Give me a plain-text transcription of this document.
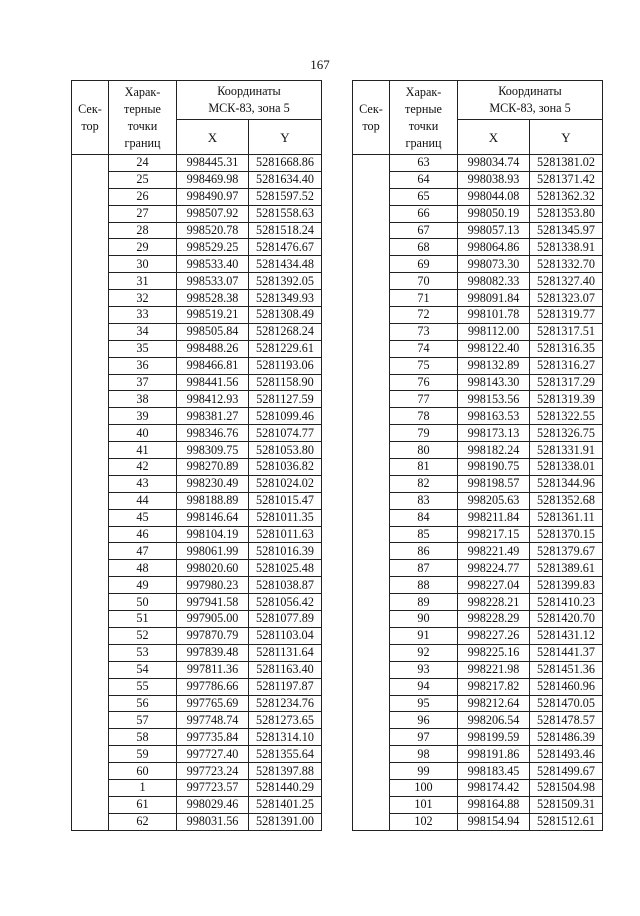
167
Сек-
тор	Харак-
терные
точки
границ	Координаты
МСК-83, зона 5	
		X	Y
	24	998445.31	5281668.86
	25	998469.98	5281634.40
	26	998490.97	5281597.52
	27	998507.92	5281558.63
	28	998520.78	5281518.24
	29	998529.25	5281476.67
	30	998533.40	5281434.48
	31	998533.07	5281392.05
	32	998528.38	5281349.93
	33	998519.21	5281308.49
	34	998505.84	5281268.24
	35	998488.26	5281229.61
	36	998466.81	5281193.06
	37	998441.56	5281158.90
	38	998412.93	5281127.59
	39	998381.27	5281099.46
	40	998346.76	5281074.77
	41	998309.75	5281053.80
	42	998270.89	5281036.82
	43	998230.49	5281024.02
	44	998188.89	5281015.47
	45	998146.64	5281011.35
	46	998104.19	5281011.63
	47	998061.99	5281016.39
	48	998020.60	5281025.48
	49	997980.23	5281038.87
	50	997941.58	5281056.42
	51	997905.00	5281077.89
	52	997870.79	5281103.04
	53	997839.48	5281131.64
	54	997811.36	5281163.40
	55	997786.66	5281197.87
	56	997765.69	5281234.76
	57	997748.74	5281273.65
	58	997735.84	5281314.10
	59	997727.40	5281355.64
	60	997723.24	5281397.88
	1	997723.57	5281440.29
	61	998029.46	5281401.25
	62	998031.56	5281391.00
Сек-
тор	Харак-
терные
точки
границ	Координаты
МСК-83, зона 5	
		X	Y
	63	998034.74	5281381.02
	64	998038.93	5281371.42
	65	998044.08	5281362.32
	66	998050.19	5281353.80
	67	998057.13	5281345.97
	68	998064.86	5281338.91
	69	998073.30	5281332.70
	70	998082.33	5281327.40
	71	998091.84	5281323.07
	72	998101.78	5281319.77
	73	998112.00	5281317.51
	74	998122.40	5281316.35
	75	998132.89	5281316.27
	76	998143.30	5281317.29
	77	998153.56	5281319.39
	78	998163.53	5281322.55
	79	998173.13	5281326.75
	80	998182.24	5281331.91
	81	998190.75	5281338.01
	82	998198.57	5281344.96
	83	998205.63	5281352.68
	84	998211.84	5281361.11
	85	998217.15	5281370.15
	86	998221.49	5281379.67
	87	998224.77	5281389.61
	88	998227.04	5281399.83
	89	998228.21	5281410.23
	90	998228.29	5281420.70
	91	998227.26	5281431.12
	92	998225.16	5281441.37
	93	998221.98	5281451.36
	94	998217.82	5281460.96
	95	998212.64	5281470.05
	96	998206.54	5281478.57
	97	998199.59	5281486.39
	98	998191.86	5281493.46
	99	998183.45	5281499.67
	100	998174.42	5281504.98
	101	998164.88	5281509.31
	102	998154.94	5281512.61
